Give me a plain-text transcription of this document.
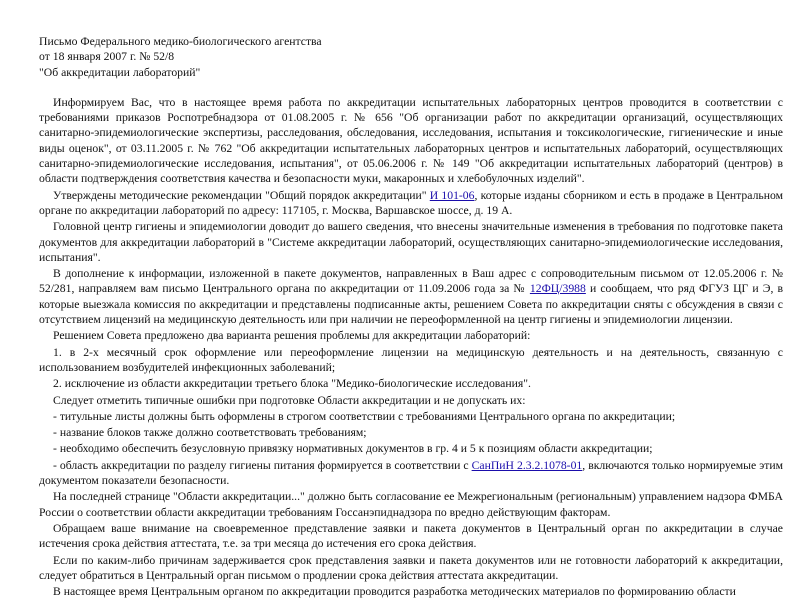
Письмо Федерального медико-биологического агентства
от 18 января 2007 г. № 52/8
"Об аккредитации лабораторий"

Информируем Вас, что в настоящее время работа по аккредитации испытательных лабораторных центров проводится в соответствии с требованиями приказов Роспотребнадзора от 01.08.2005 г. № 656 "Об организации работ по аккредитации организаций, осуществляющих санитарно-эпидемиологические экспертизы, расследования, обследования, исследования, испытания и токсикологические, гигиенические и иные виды оценок", от 03.11.2005 г. № 762 "Об аккредитации испытательных лабораторных центров и испытательных лабораторий, осуществляющих санитарно-эпидемиологические исследования, испытания", от 05.06.2006 г. № 149 "Об аккредитации испытательных лабораторий (центров) в области подтверждения соответствия качества и безопасности муки, макаронных и хлебобулочных изделий".

Утверждены методические рекомендации "Общий порядок аккредитации" И 101-06, которые изданы сборником и есть в продаже в Центральном органе по аккредитации лабораторий по адресу: 117105, г. Москва, Варшавское шоссе, д. 19 А.

Головной центр гигиены и эпидемиологии доводит до вашего сведения, что внесены значительные изменения в требования по подготовке пакета документов для аккредитации лабораторий в "Системе аккредитации лабораторий, осуществляющих санитарно-эпидемиологические исследования, испытания".

В дополнение к информации, изложенной в пакете документов, направленных в Ваш адрес с сопроводительным письмом от 12.05.2006 г. № 52/281, направляем вам письмо Центрального органа по аккредитации от 11.09.2006 года за № 12ФЦ/3988 и сообщаем, что ряд ФГУЗ ЦГ и Э, в которые выезжала комиссия по аккредитации и представлены подписанные акты, решением Совета по аккредитации сняты с обсуждения в связи с отсутствием лицензий на медицинскую деятельность или при наличии не переоформленной на центр гигиены и эпидемиологии лицензии.

Решением Совета предложено два варианта решения проблемы для аккредитации лабораторий:

1. в 2-х месячный срок оформление или переоформление лицензии на медицинскую деятельность и на деятельность, связанную с использованием возбудителей инфекционных заболеваний;

2. исключение из области аккредитации третьего блока "Медико-биологические исследования".

Следует отметить типичные ошибки при подготовке Области аккредитации и не допускать их:

- титульные листы должны быть оформлены в строгом соответствии с требованиями Центрального органа по аккредитации;

- название блоков также должно соответствовать требованиям;

- необходимо обеспечить безусловную привязку нормативных документов в гр. 4 и 5 к позициям области аккредитации;

- область аккредитации по разделу гигиены питания формируется в соответствии с СанПиН 2.3.2.1078-01, включаются только нормируемые этим документом показатели безопасности.

На последней странице "Области аккредитации..." должно быть согласование ее Межрегиональным (региональным) управлением надзора ФМБА России о соответствии области аккредитации требованиям Госсанэпиднадзора по вредно действующим факторам.

Обращаем ваше внимание на своевременное представление заявки и пакета документов в Центральный орган по аккредитации в случае истечения срока действия аттестата, т.е. за три месяца до истечения его срока действия.

Если по каким-либо причинам задерживается срок представления заявки и пакета документов или не готовности лабораторий к аккредитации, следует обратиться в Центральный орган письмом о продлении срока действия аттестата аккредитации.

В настоящее время Центральным органом по аккредитации проводится разработка методических материалов по формированию области
